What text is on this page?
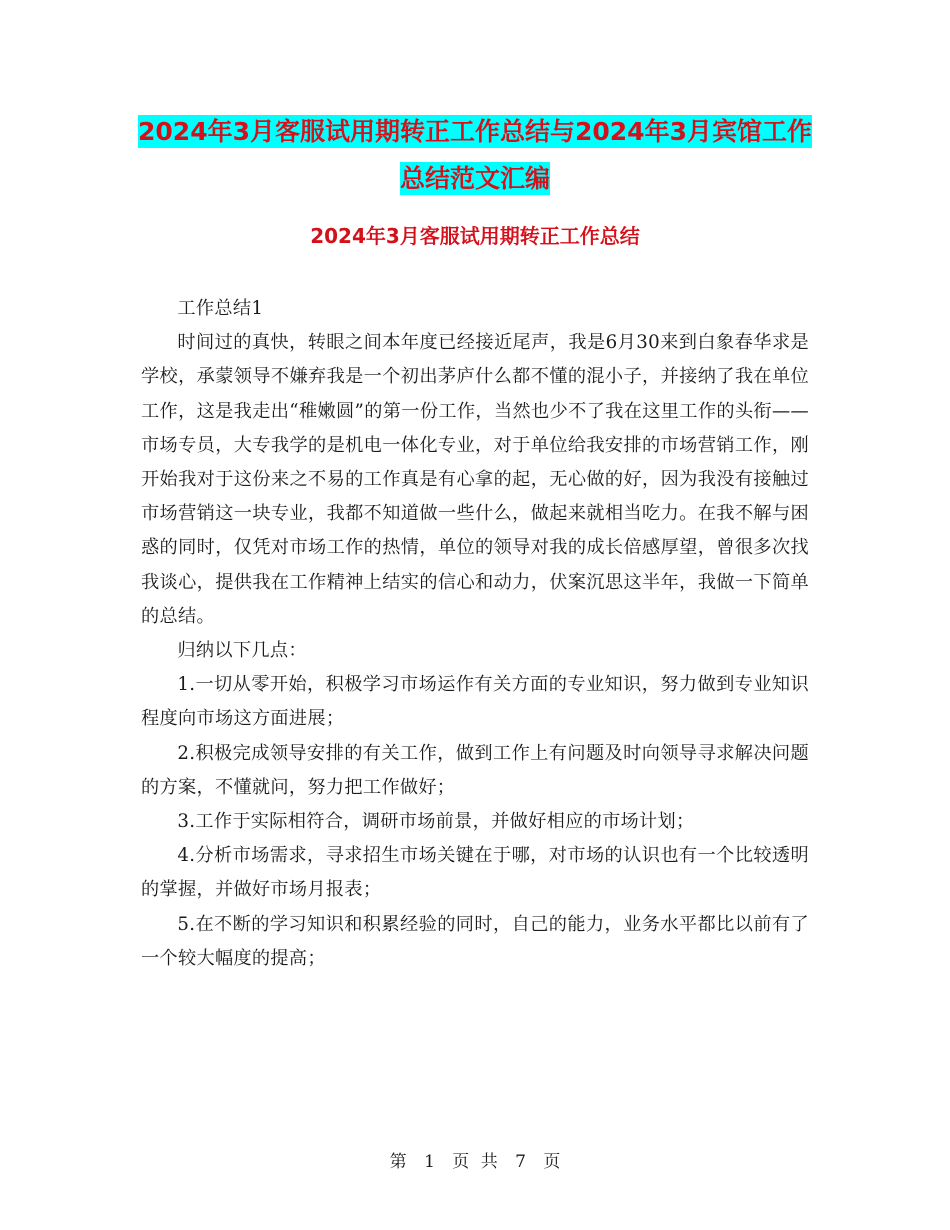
2024年3月客服试用期转正工作总结与2024年3月宾馆工作总结范文汇编
2024年3月客服试用期转正工作总结

工作总结1

时间过的真快，转眼之间本年度已经接近尾声，我是6月30来到白象春华求是学校，承蒙领导不嫌弃我是一个初出茅庐什么都不懂的混小子，并接纳了我在单位工作，这是我走出“稚嫩圆”的第一份工作，当然也少不了我在这里工作的头衔——市场专员，大专我学的是机电一体化专业，对于单位给我安排的市场营销工作，刚开始我对于这份来之不易的工作真是有心拿的起，无心做的好，因为我没有接触过市场营销这一块专业，我都不知道做一些什么，做起来就相当吃力。在我不解与困惑的同时，仅凭对市场工作的热情，单位的领导对我的成长倍感厚望，曾很多次找我谈心，提供我在工作精神上结实的信心和动力，伏案沉思这半年，我做一下简单的总结。

归纳以下几点：

1.一切从零开始，积极学习市场运作有关方面的专业知识，努力做到专业知识程度向市场这方面进展；

2.积极完成领导安排的有关工作，做到工作上有问题及时向领导寻求解决问题的方案，不懂就问，努力把工作做好；

3.工作于实际相符合，调研市场前景，并做好相应的市场计划；

4.分析市场需求，寻求招生市场关键在于哪，对市场的认识也有一个比较透明的掌握，并做好市场月报表；

5.在不断的学习知识和积累经验的同时，自己的能力，业务水平都比以前有了一个较大幅度的提高；

第 1 页 共 7 页
